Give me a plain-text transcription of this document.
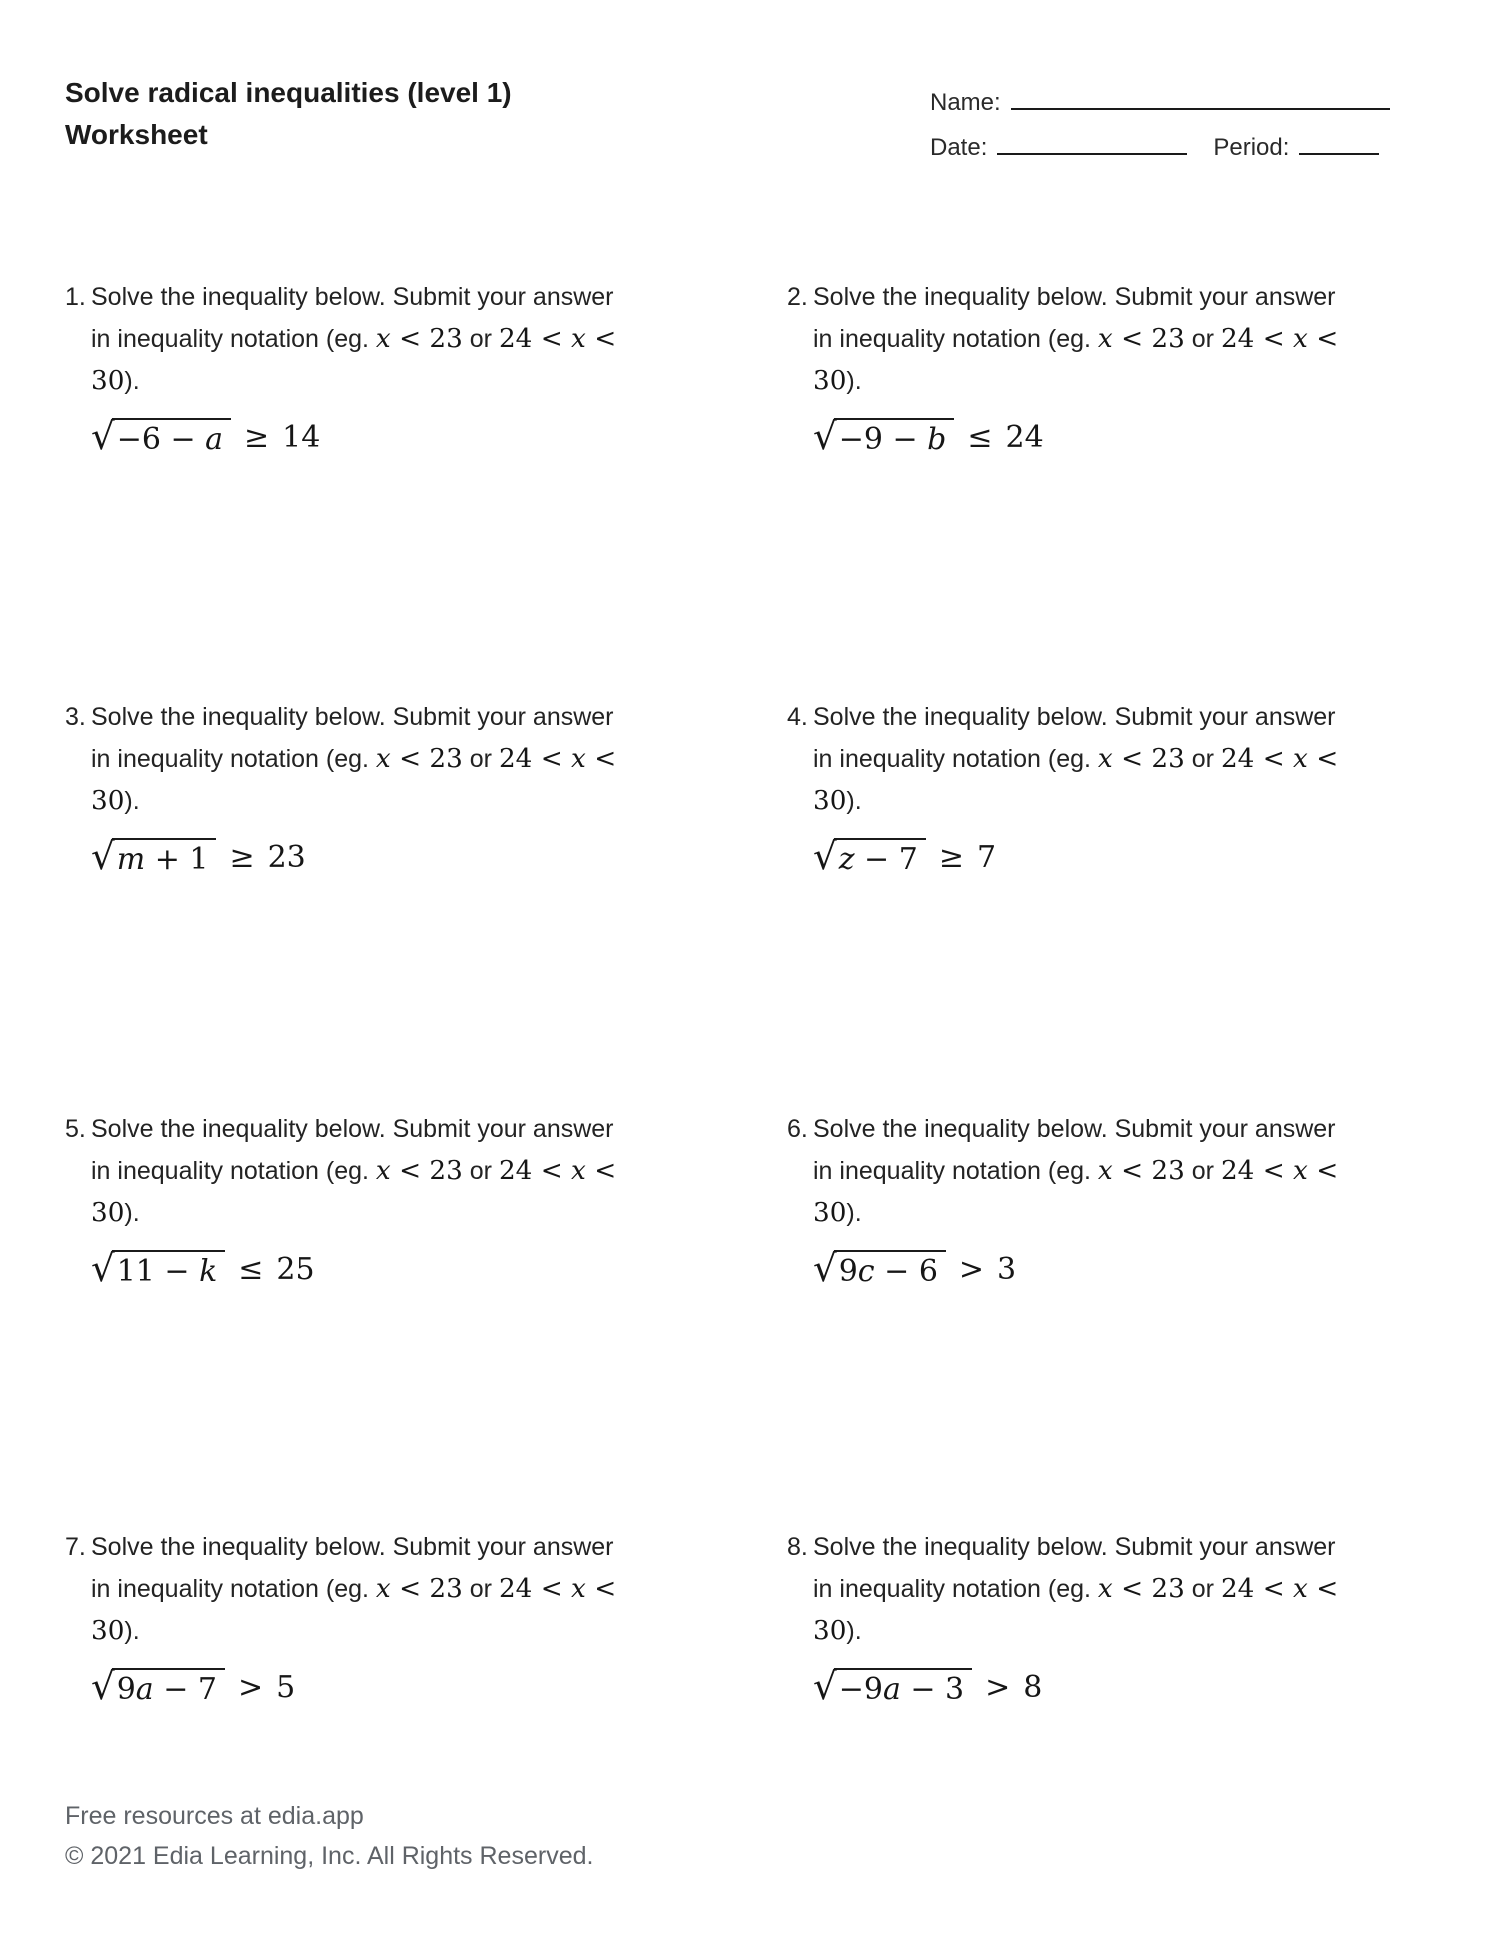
Solve radical inequalities (level 1)
Worksheet
Name:
Date:	Period:
1. Solve the inequality below. Submit your answer
in inequality notation (eg. x < 23 or 24 < x <
30).
√ −6 − a ≥ 14
2. Solve the inequality below. Submit your answer
in inequality notation (eg. x < 23 or 24 < x <
30).
√ −9 − b ≤ 24
3. Solve the inequality below. Submit your answer
in inequality notation (eg. x < 23 or 24 < x <
30).
√ m + 1 ≥ 23
4. Solve the inequality below. Submit your answer
in inequality notation (eg. x < 23 or 24 < x <
30).
√ z − 7 ≥ 7
5. Solve the inequality below. Submit your answer
in inequality notation (eg. x < 23 or 24 < x <
30).
√ 11 − k ≤ 25
6. Solve the inequality below. Submit your answer
in inequality notation (eg. x < 23 or 24 < x <
30).
√ 9c − 6 > 3
7. Solve the inequality below. Submit your answer
in inequality notation (eg. x < 23 or 24 < x <
30).
√ 9a − 7 > 5
8. Solve the inequality below. Submit your answer
in inequality notation (eg. x < 23 or 24 < x <
30).
√ −9a − 3 > 8
Free resources at edia.app
© 2021 Edia Learning, Inc. All Rights Reserved.
